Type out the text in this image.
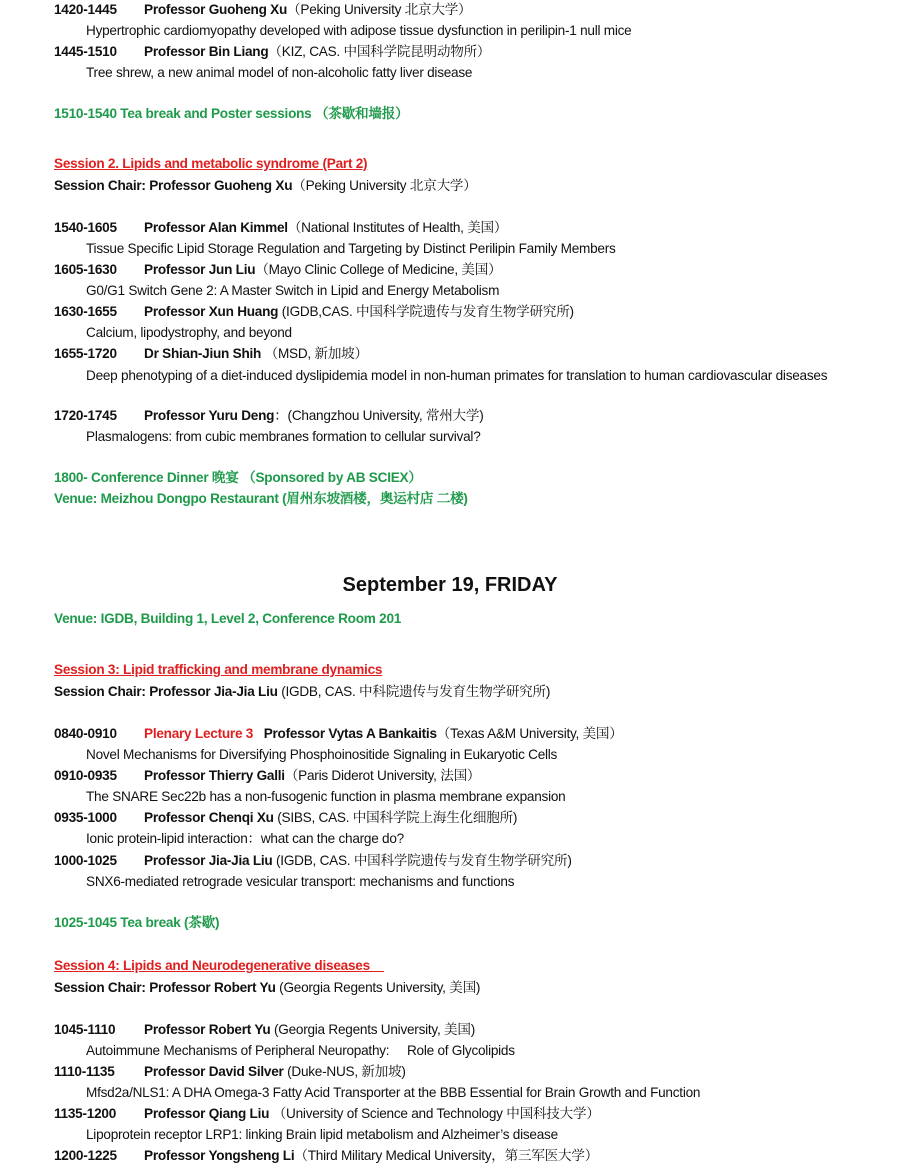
1420-1445 Professor Guoheng Xu（Peking University 北京大学）
Hypertrophic cardiomyopathy developed with adipose tissue dysfunction in perilipin-1 null mice
1445-1510 Professor Bin Liang（KIZ, CAS. 中国科学院昆明动物所）
Tree shrew, a new animal model of non-alcoholic fatty liver disease
1510-1540 Tea break and Poster sessions （茶歇和墙报）
Session 2. Lipids and metabolic syndrome (Part 2)
Session Chair: Professor Guoheng Xu（Peking University 北京大学）
1540-1605 Professor Alan Kimmel（National Institutes of Health, 美国）
Tissue Specific Lipid Storage Regulation and Targeting by Distinct Perilipin Family Members
1605-1630 Professor Jun Liu（Mayo Clinic College of Medicine, 美国）
G0/G1 Switch Gene 2: A Master Switch in Lipid and Energy Metabolism
1630-1655 Professor Xun Huang (IGDB,CAS. 中国科学院遗传与发育生物学研究所)
Calcium, lipodystrophy, and beyond
1655-1720 Dr Shian-Jiun Shih （MSD, 新加坡）
Deep phenotyping of a diet-induced dyslipidemia model in non-human primates for translation to human cardiovascular diseases
1720-1745 Professor Yuru Deng：(Changzhou University, 常州大学)
Plasmalogens: from cubic membranes formation to cellular survival?
1800- Conference Dinner 晚宴 （Sponsored by AB SCIEX）
Venue: Meizhou Dongpo Restaurant (眉州东坡酒楼，奥运村店 二楼)
September 19, FRIDAY
Venue: IGDB, Building 1, Level 2, Conference Room 201
Session 3: Lipid trafficking and membrane dynamics
Session Chair: Professor Jia-Jia Liu (IGDB, CAS. 中科院遗传与发育生物学研究所)
0840-0910 Plenary Lecture 3 Professor Vytas A Bankaitis（Texas A&M University, 美国）
Novel Mechanisms for Diversifying Phosphoinositide Signaling in Eukaryotic Cells
0910-0935 Professor Thierry Galli（Paris Diderot University, 法国）
The SNARE Sec22b has a non-fusogenic function in plasma membrane expansion
0935-1000 Professor Chenqi Xu (SIBS, CAS. 中国科学院上海生化细胞所)
Ionic protein-lipid interaction：what can the charge do?
1000-1025 Professor Jia-Jia Liu (IGDB, CAS. 中国科学院遗传与发育生物学研究所)
SNX6-mediated retrograde vesicular transport: mechanisms and functions
1025-1045 Tea break (茶歇)
Session 4: Lipids and Neurodegenerative diseases
Session Chair: Professor Robert Yu (Georgia Regents University, 美国)
1045-1110 Professor Robert Yu (Georgia Regents University, 美国)
Autoimmune Mechanisms of Peripheral Neuropathy:     Role of Glycolipids
1110-1135 Professor David Silver (Duke-NUS, 新加坡)
Mfsd2a/NLS1: A DHA Omega-3 Fatty Acid Transporter at the BBB Essential for Brain Growth and Function
1135-1200 Professor Qiang Liu （University of Science and Technology 中国科技大学）
Lipoprotein receptor LRP1: linking Brain lipid metabolism and Alzheimer’s disease
1200-1225 Professor Yongsheng Li（Third Military Medical University，第三军医大学）
